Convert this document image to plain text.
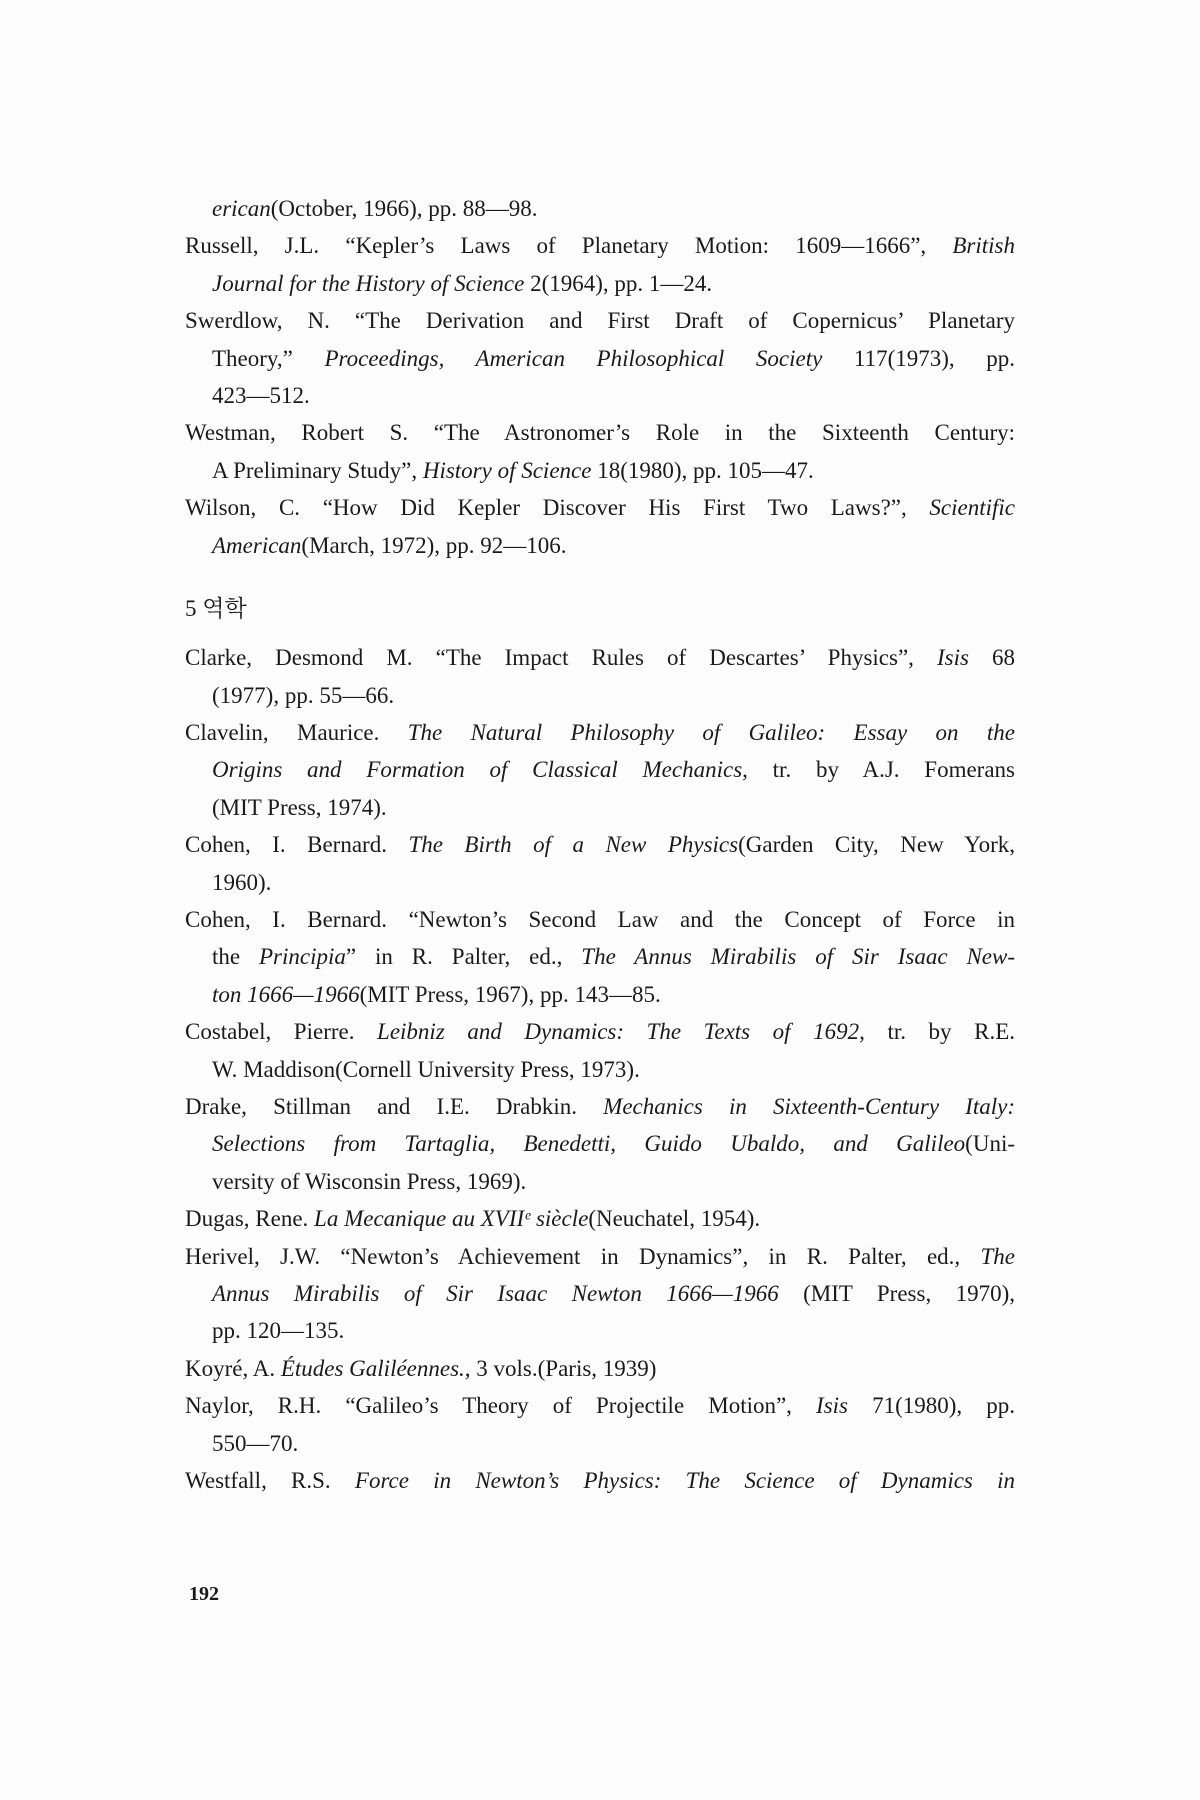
erican(October, 1966), pp. 88—98.
Russell, J.L. “Kepler’s Laws of Planetary Motion: 1609—1666”, British
Journal for the History of Science 2(1964), pp. 1—24.
Swerdlow, N. “The Derivation and First Draft of Copernicus’ Planetary
Theory,” Proceedings, American Philosophical Society 117(1973), pp.
423—512.
Westman, Robert S. “The Astronomer’s Role in the Sixteenth Century:
A Preliminary Study”, History of Science 18(1980), pp. 105—47.
Wilson, C. “How Did Kepler Discover His First Two Laws?”, Scientific
American(March, 1972), pp. 92—106.
5 역학
Clarke, Desmond M. “The Impact Rules of Descartes’ Physics”, Isis 68
(1977), pp. 55—66.
Clavelin, Maurice. The Natural Philosophy of Galileo: Essay on the
Origins and Formation of Classical Mechanics, tr. by A.J. Fomerans
(MIT Press, 1974).
Cohen, I. Bernard. The Birth of a New Physics(Garden City, New York,
1960).
Cohen, I. Bernard. “Newton’s Second Law and the Concept of Force in
the Principia” in R. Palter, ed., The Annus Mirabilis of Sir Isaac New-
ton 1666—1966(MIT Press, 1967), pp. 143—85.
Costabel, Pierre. Leibniz and Dynamics: The Texts of 1692, tr. by R.E.
W. Maddison(Cornell University Press, 1973).
Drake, Stillman and I.E. Drabkin. Mechanics in Sixteenth-Century Italy:
Selections from Tartaglia, Benedetti, Guido Ubaldo, and Galileo(Uni-
versity of Wisconsin Press, 1969).
Dugas, Rene. La Mecanique au XVIIᵉ siècle(Neuchatel, 1954).
Herivel, J.W. “Newton’s Achievement in Dynamics”, in R. Palter, ed., The
Annus Mirabilis of Sir Isaac Newton 1666—1966 (MIT Press, 1970),
pp. 120—135.
Koyré, A. Études Galiléennes., 3 vols.(Paris, 1939)
Naylor, R.H. “Galileo’s Theory of Projectile Motion”, Isis 71(1980), pp.
550—70.
Westfall, R.S. Force in Newton’s Physics: The Science of Dynamics in
192
